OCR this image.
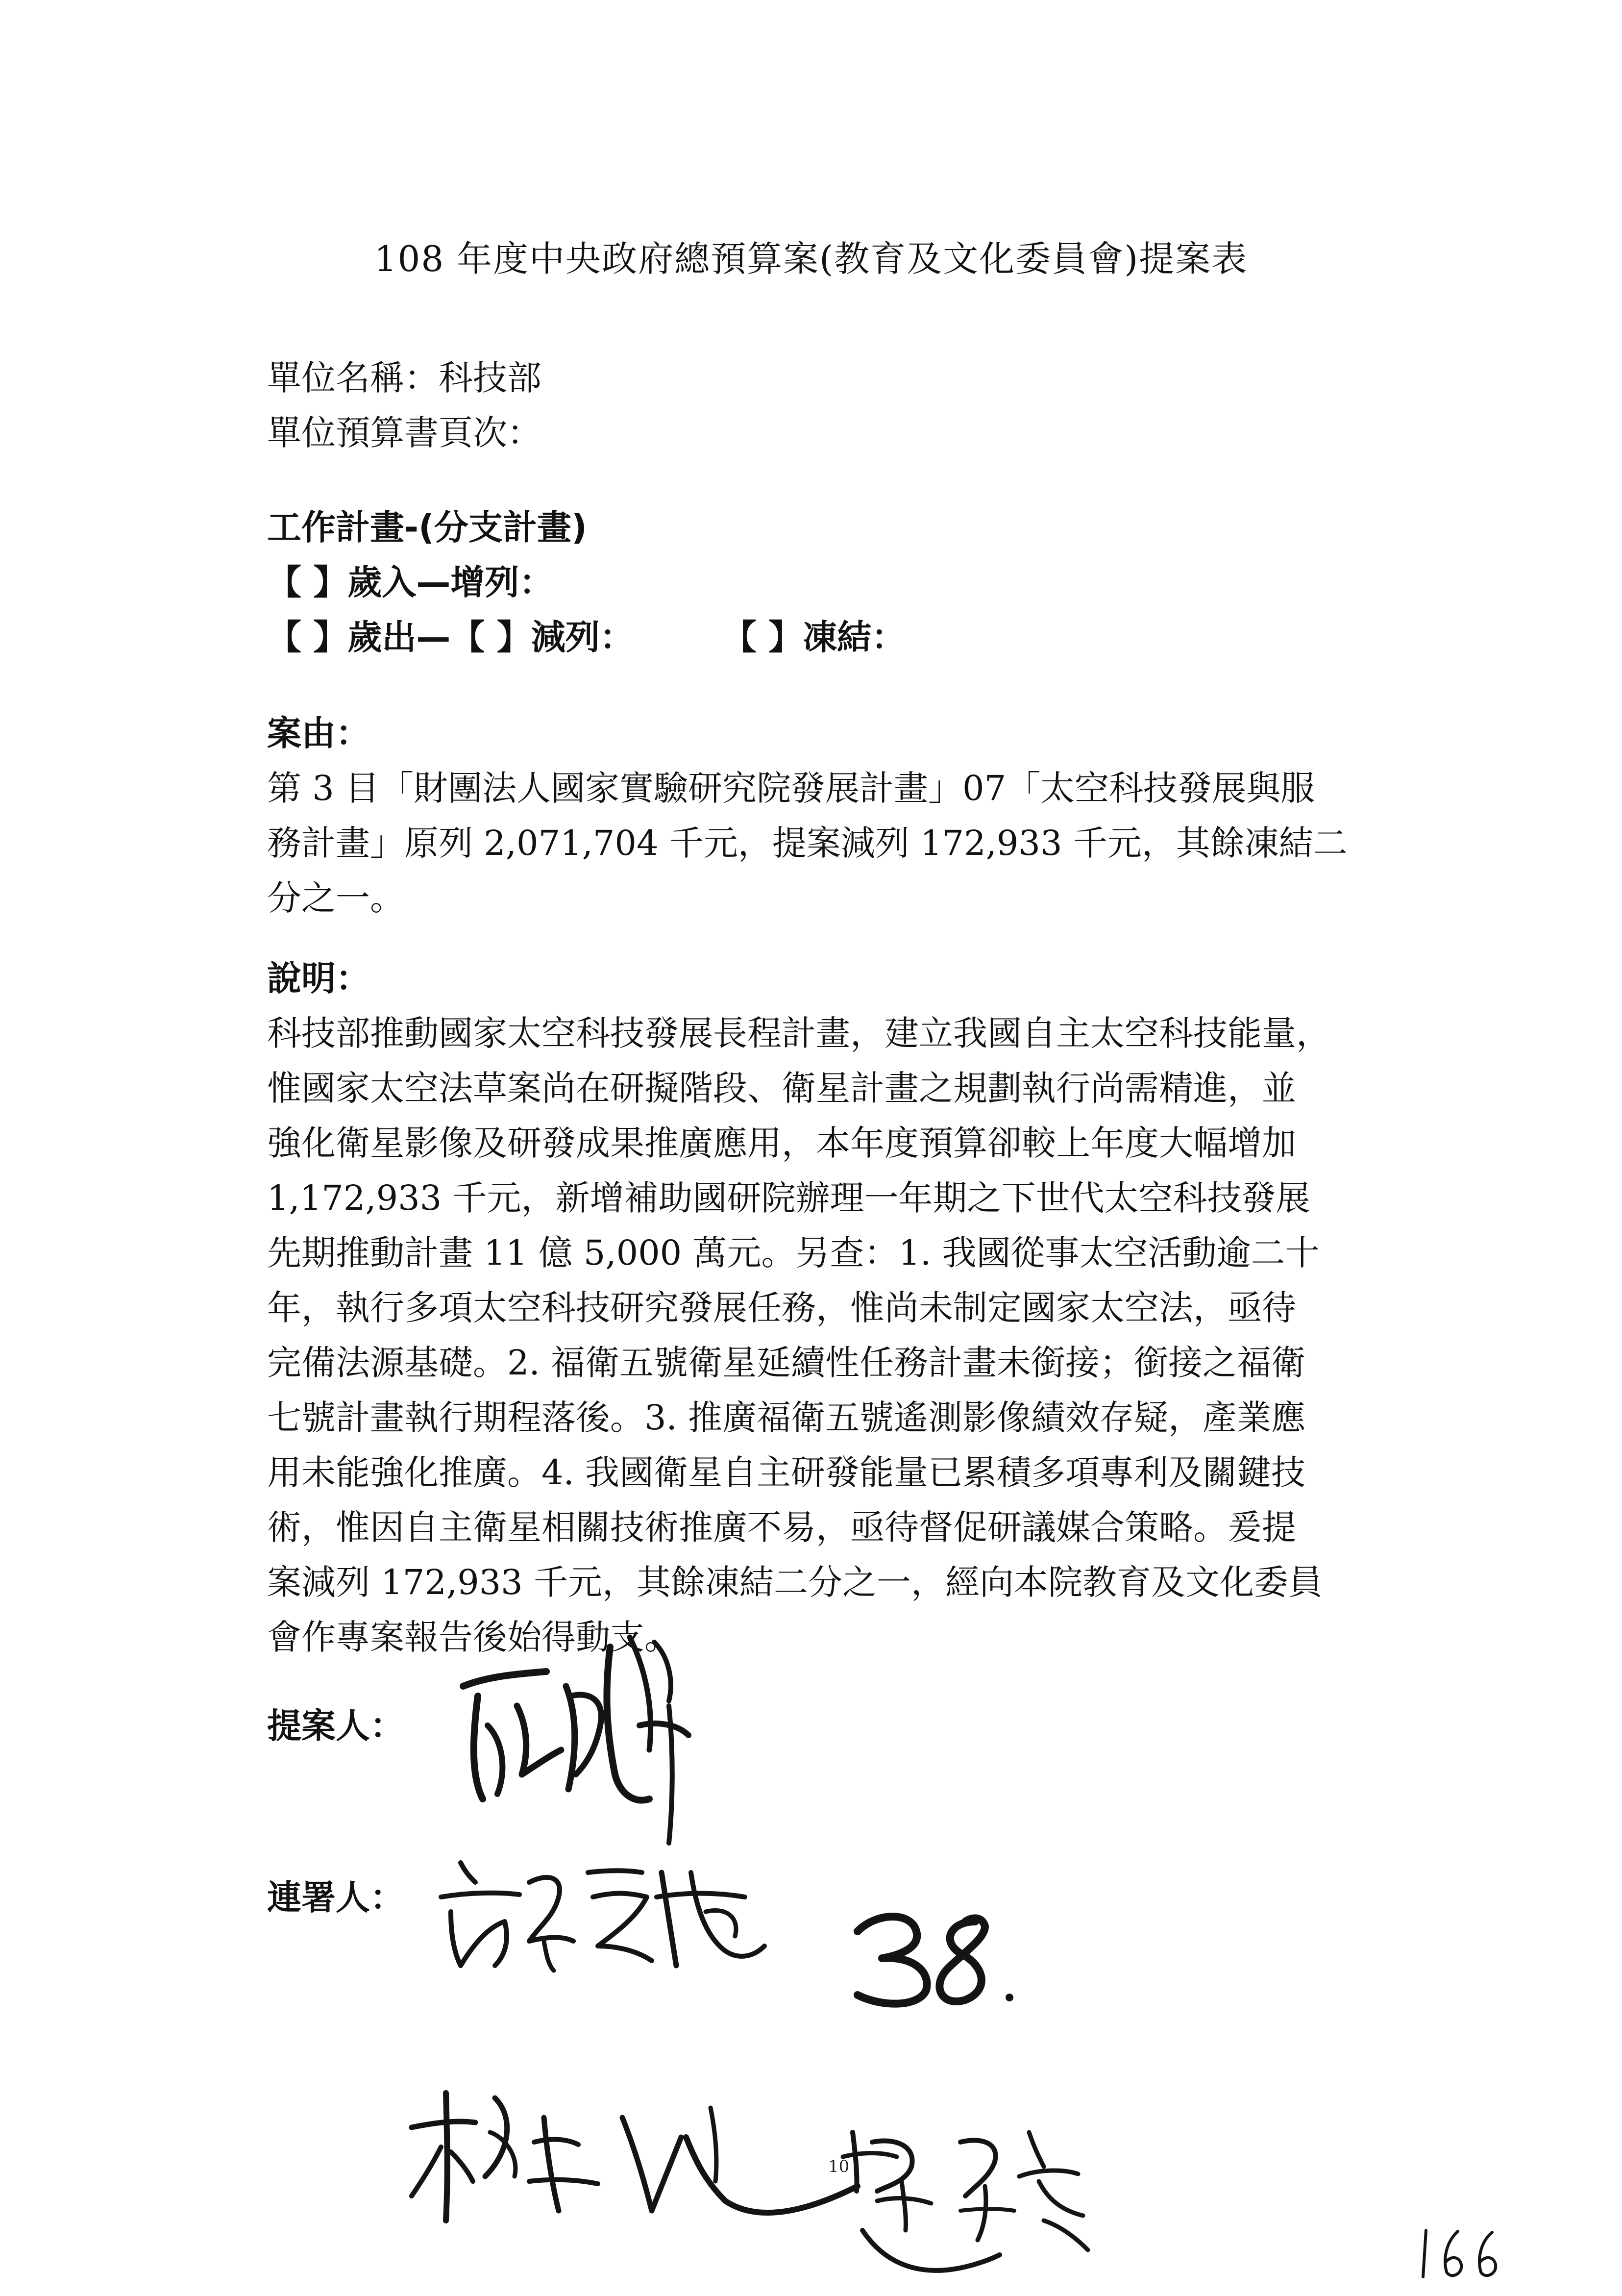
108 年度中央政府總預算案(教育及文化委員會)提案表
單位名稱：科技部
單位預算書頁次：
工作計畫-(分支計畫)
【 】歲入—增列：
【 】歲出—【 】減列：	【 】凍結：
案由：
第 3 目「財團法人國家實驗研究院發展計畫」07「太空科技發展與服
務計畫」原列 2,071,704 千元，提案減列 172,933 千元，其餘凍結二
分之一。
說明：
科技部推動國家太空科技發展長程計畫，建立我國自主太空科技能量，
惟國家太空法草案尚在研擬階段、衛星計畫之規劃執行尚需精進，並
強化衛星影像及研發成果推廣應用，本年度預算卻較上年度大幅增加
1,172,933 千元，新增補助國研院辦理一年期之下世代太空科技發展
先期推動計畫 11 億 5,000 萬元。另查：1. 我國從事太空活動逾二十
年，執行多項太空科技研究發展任務，惟尚未制定國家太空法，亟待
完備法源基礎。2. 福衛五號衛星延續性任務計畫未銜接；銜接之福衛
七號計畫執行期程落後。3. 推廣福衛五號遙測影像績效存疑，產業應
用未能強化推廣。4. 我國衛星自主研發能量已累積多項專利及關鍵技
術，惟因自主衛星相關技術推廣不易，亟待督促研議媒合策略。爰提
案減列 172,933 千元，其餘凍結二分之一，經向本院教育及文化委員
會作專案報告後始得動支。
提案人：
連署人：
10
